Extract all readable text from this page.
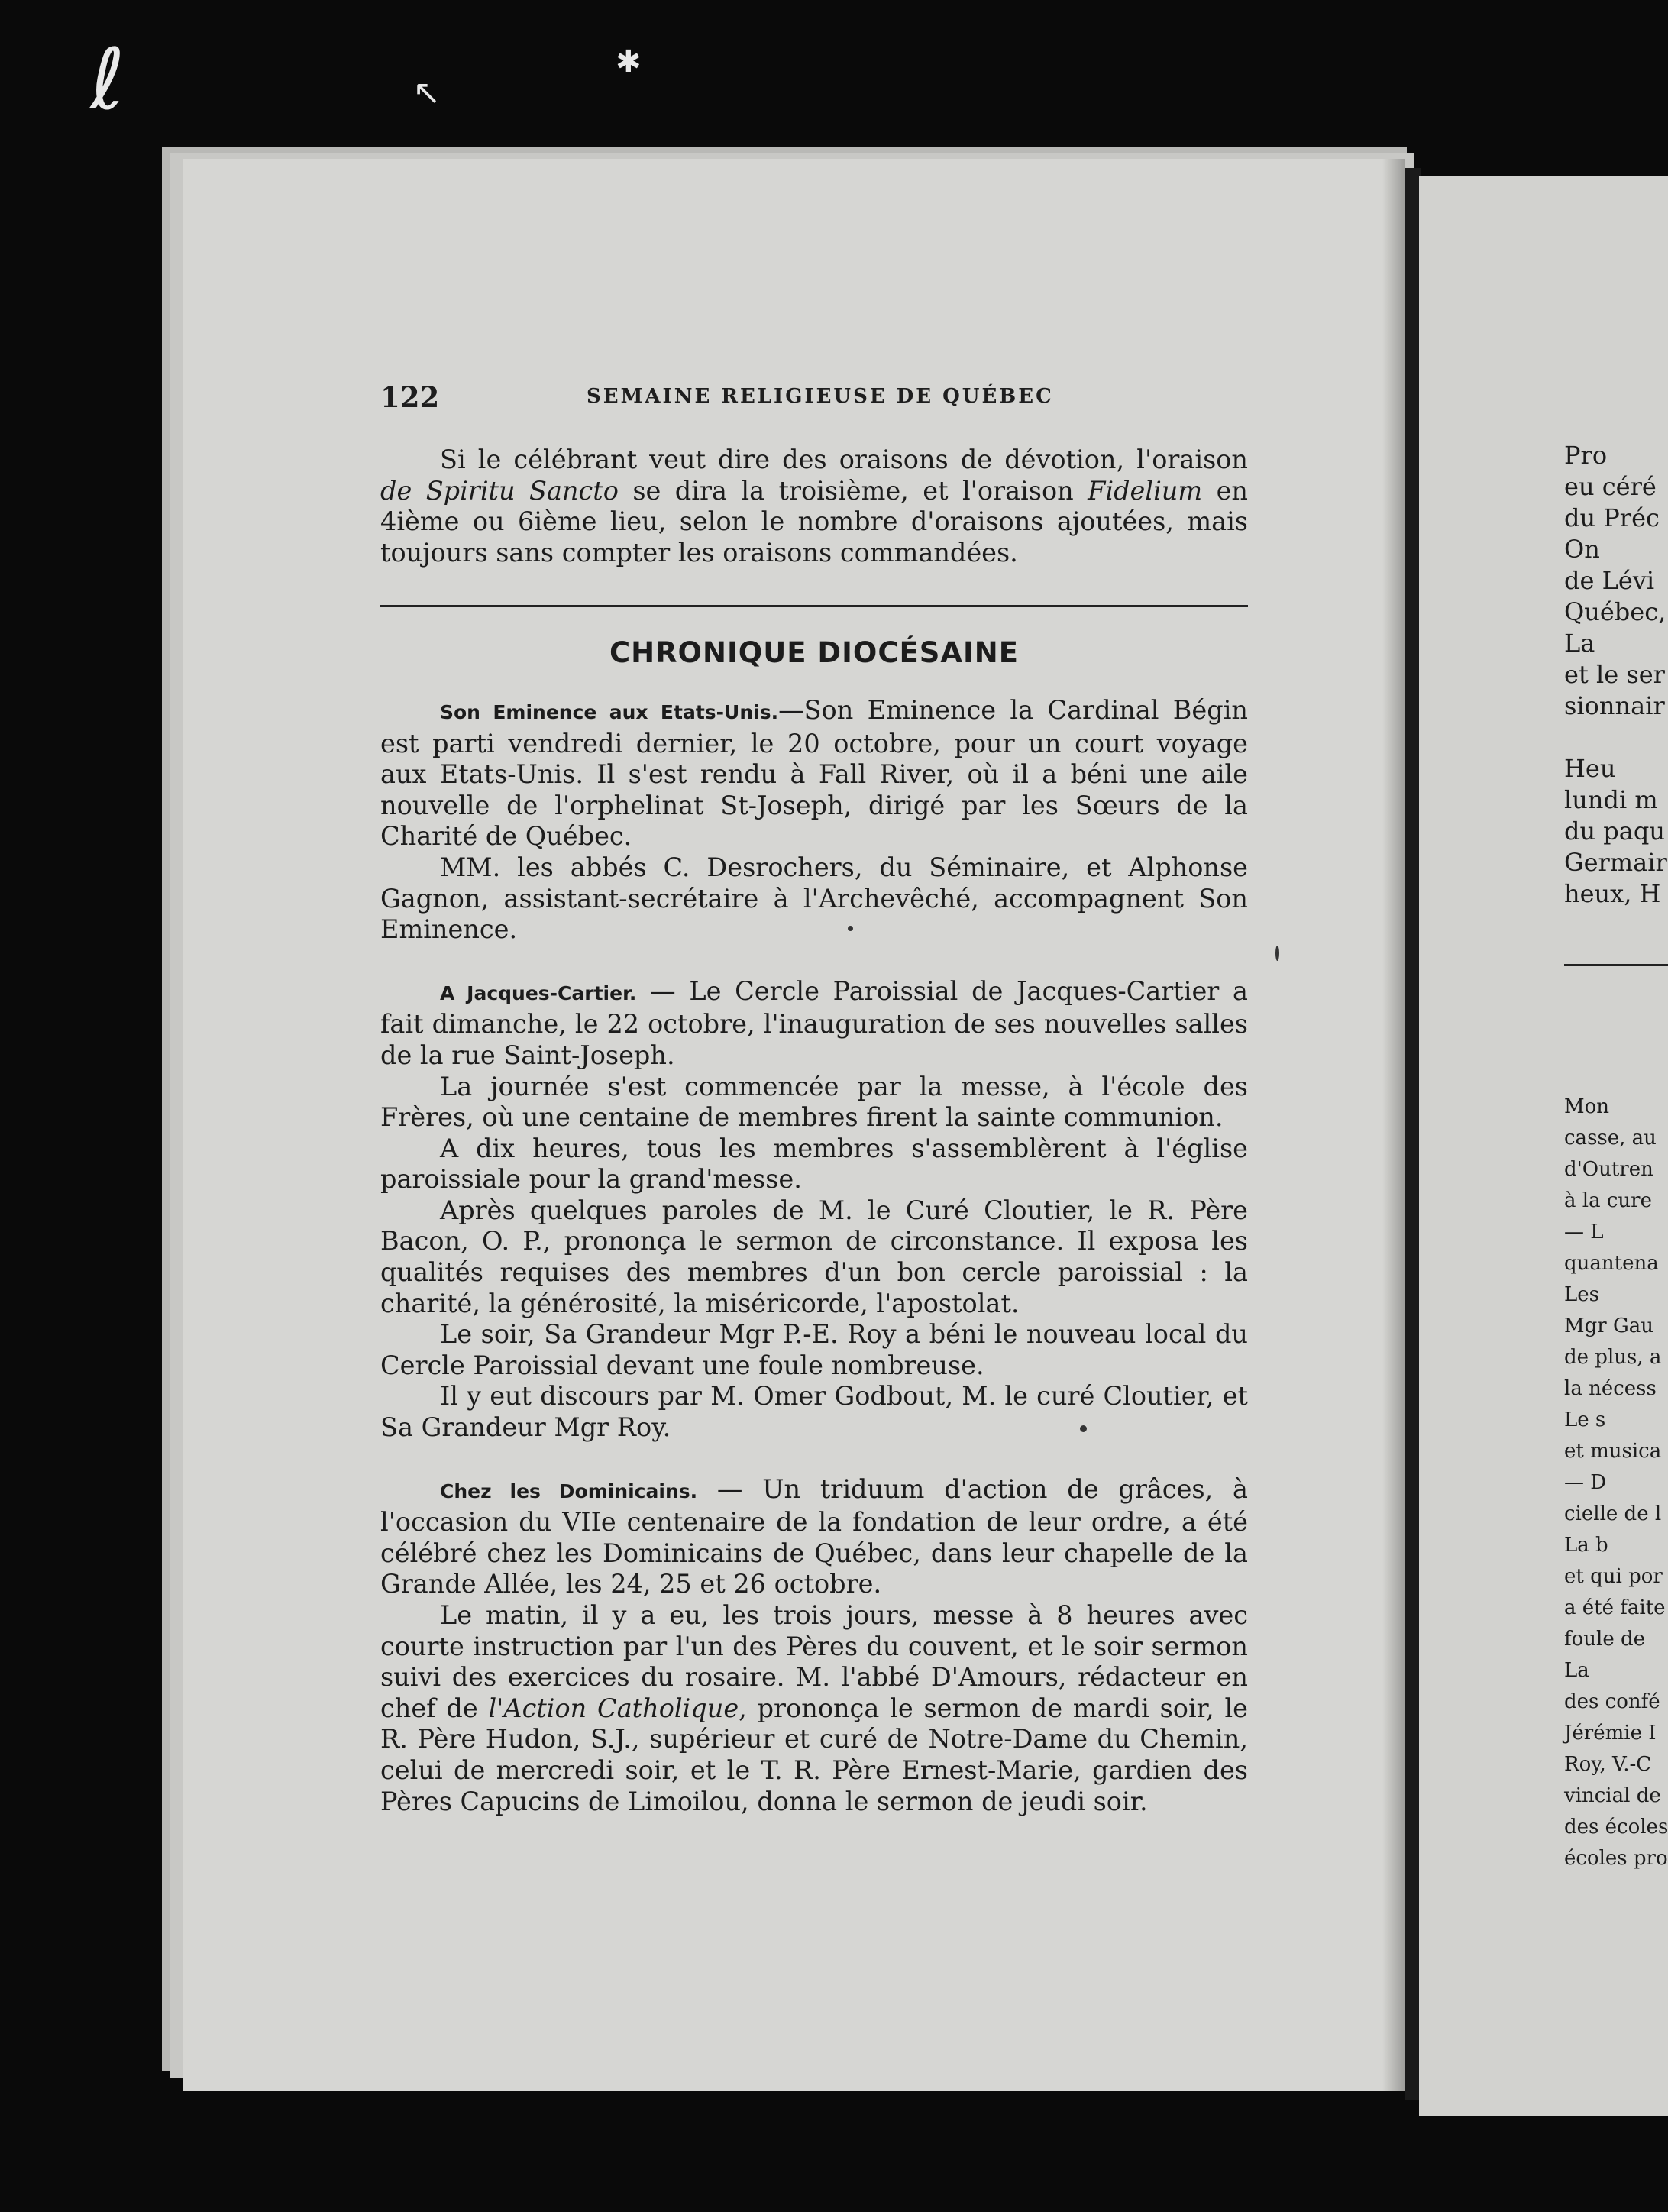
ℓ	↖
✱
Pro
eu céré
du Préc
On
de Lévi
Québec,
La
et le ser
sionnair
Heu
lundi m
du paqu
Germair
heux, H
Mon
casse, au
d'Outren
à la cure
— L
quantena
Les
Mgr Gau
de plus, a
la nécess
Le s
et musica
— D
cielle de l
La b
et qui por
a été faite
foule de
La
des confé
Jérémie I
Roy, V.-C
vincial de
des écoles
écoles pro
122	SEMAINE RELIGIEUSE DE QUÉBEC

Si le célébrant veut dire des oraisons de dévotion, l'oraison de Spiritu Sancto se dira la troisième, et l'oraison Fidelium en 4ième ou 6ième lieu, selon le nombre d'oraisons ajoutées, mais toujours sans compter les oraisons commandées.

CHRONIQUE DIOCÉSAINE

Son Eminence aux Etats-Unis.—Son Eminence la Cardinal Bégin est parti vendredi dernier, le 20 octobre, pour un court voyage aux Etats-Unis. Il s'est rendu à Fall River, où il a béni une aile nouvelle de l'orphelinat St-Joseph, dirigé par les Sœurs de la Charité de Québec.

MM. les abbés C. Desrochers, du Séminaire, et Alphonse Gagnon, assistant-secrétaire à l'Archevêché, accompagnent Son Eminence.

A Jacques-Cartier. — Le Cercle Paroissial de Jacques-Cartier a fait dimanche, le 22 octobre, l'inauguration de ses nouvelles salles de la rue Saint-Joseph.

La journée s'est commencée par la messe, à l'école des Frères, où une centaine de membres firent la sainte communion.

A dix heures, tous les membres s'assemblèrent à l'église paroissiale pour la grand'messe.

Après quelques paroles de M. le Curé Cloutier, le R. Père Bacon, O. P., prononça le sermon de circonstance. Il exposa les qualités requises des membres d'un bon cercle paroissial : la charité, la générosité, la miséricorde, l'apostolat.

Le soir, Sa Grandeur Mgr P.-E. Roy a béni le nouveau local du Cercle Paroissial devant une foule nombreuse.

Il y eut discours par M. Omer Godbout, M. le curé Cloutier, et Sa Grandeur Mgr Roy.

Chez les Dominicains. — Un triduum d'action de grâces, à l'occasion du VIIe centenaire de la fondation de leur ordre, a été célébré chez les Dominicains de Québec, dans leur chapelle de la Grande Allée, les 24, 25 et 26 octobre.

Le matin, il y a eu, les trois jours, messe à 8 heures avec courte instruction par l'un des Pères du couvent, et le soir sermon suivi des exercices du rosaire. M. l'abbé D'Amours, rédacteur en chef de l'Action Catholique, prononça le sermon de mardi soir, le R. Père Hudon, S.J., supérieur et curé de Notre-Dame du Chemin, celui de mercredi soir, et le T. R. Père Ernest-Marie, gardien des Pères Capucins de Limoilou, donna le sermon de jeudi soir.
